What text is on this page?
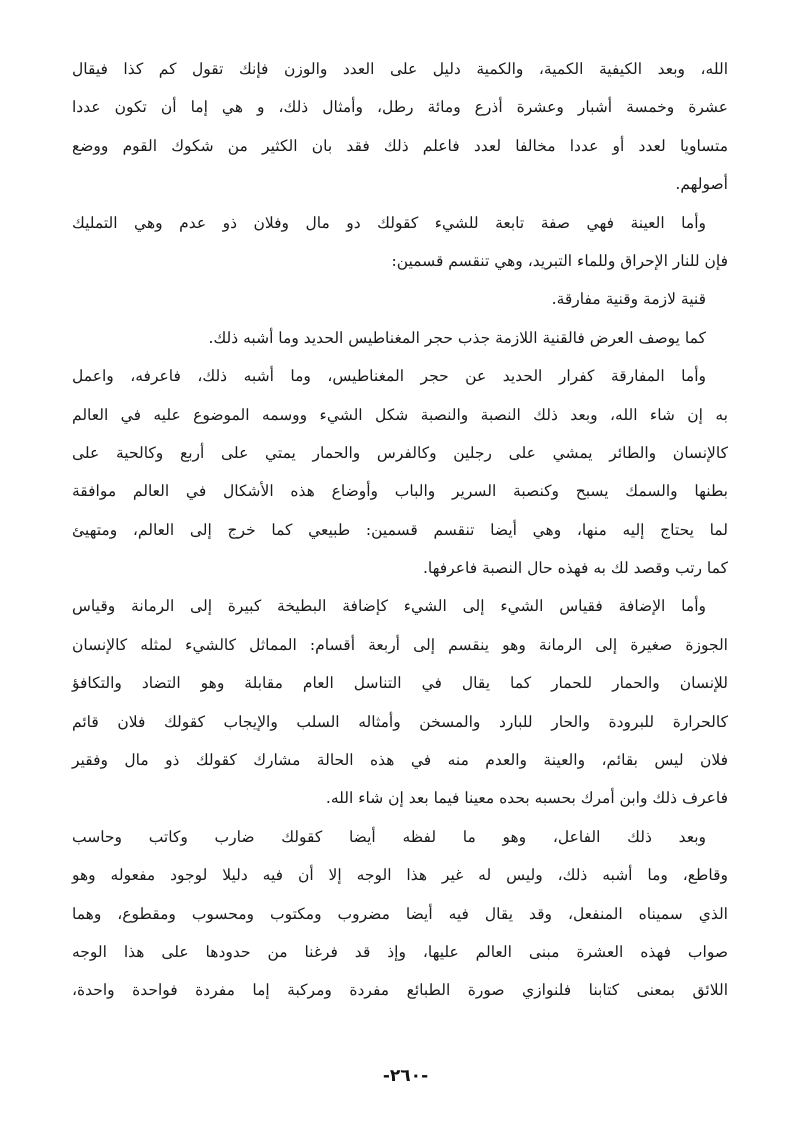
الله، وبعد الكيفية الكمية، والكمية دليل على العدد والوزن فإنك تقول كم كذا فيقال
عشرة وخمسة أشبار وعشرة أذرع ومائة رطل، وأمثال ذلك، و هي إما أن تكون عددا
متساويا لعدد أو عددا مخالفا لعدد فاعلم ذلك فقد بان الكثير من شكوك القوم ووضع
أصولهم.
وأما العينة فهي صفة تابعة للشيء كقولك دو مال وفلان ذو عدم وهي التمليك
فإن للنار الإحراق وللماء التبريد، وهي تنقسم قسمين:
قنية لازمة وقنية مفارقة.
كما يوصف العرض فالقنية اللازمة جذب حجر المغناطيس الحديد وما أشبه ذلك.
وأما المفارقة كفرار الحديد عن حجر المغناطيس، وما أشبه ذلك، فاعرفه، واعمل
به إن شاء الله، وبعد ذلك النصبة والنصبة شكل الشيء ووسمه الموضوع عليه في العالم
كالإنسان والطائر يمشي على رجلين وكالفرس والحمار يمتي على أربع وكالحية على
بطنها والسمك يسبح وكنصبة السرير والباب وأوضاع هذه الأشكال في العالم موافقة
لما يحتاج إليه منها، وهي أيضا تنقسم قسمين: طبيعي كما خرج إلى العالم، ومتهيئ
كما رتب وقصد لك به فهذه حال النصبة فاعرفها.
وأما الإضافة فقياس الشيء إلى الشيء كإضافة البطيخة كبيرة إلى الرمانة وقياس
الجوزة صغيرة إلى الرمانة وهو ينقسم إلى أربعة أقسام: المماثل كالشيء لمثله كالإنسان
للإنسان والحمار للحمار كما يقال في التناسل العام مقابلة وهو التضاد والتكافؤ
كالحرارة للبرودة والحار للبارد والمسخن وأمثاله السلب والإيجاب كقولك فلان قائم
فلان ليس بقائم، والعينة والعدم منه في هذه الحالة مشارك كقولك ذو مال وفقير
فاعرف ذلك وابن أمرك بحسبه بحده معينا فيما بعد إن شاء الله.
وبعد ذلك الفاعل، وهو ما لفظه أيضا كقولك ضارب وكاتب وحاسب
وقاطع، وما أشبه ذلك، وليس له غير هذا الوجه إلا أن فيه دليلا لوجود مفعوله وهو
الذي سميناه المنفعل، وقد يقال فيه أيضا مضروب ومكتوب ومحسوب ومقطوع، وهما
صواب فهذه العشرة مبنى العالم عليها، وإذ قد فرغنا من حدودها على هذا الوجه
اللائق بمعنى كتابنا فلنوازي صورة الطبائع مفردة ومركبة إما مفردة فواحدة واحدة،
-٢٦٠-
